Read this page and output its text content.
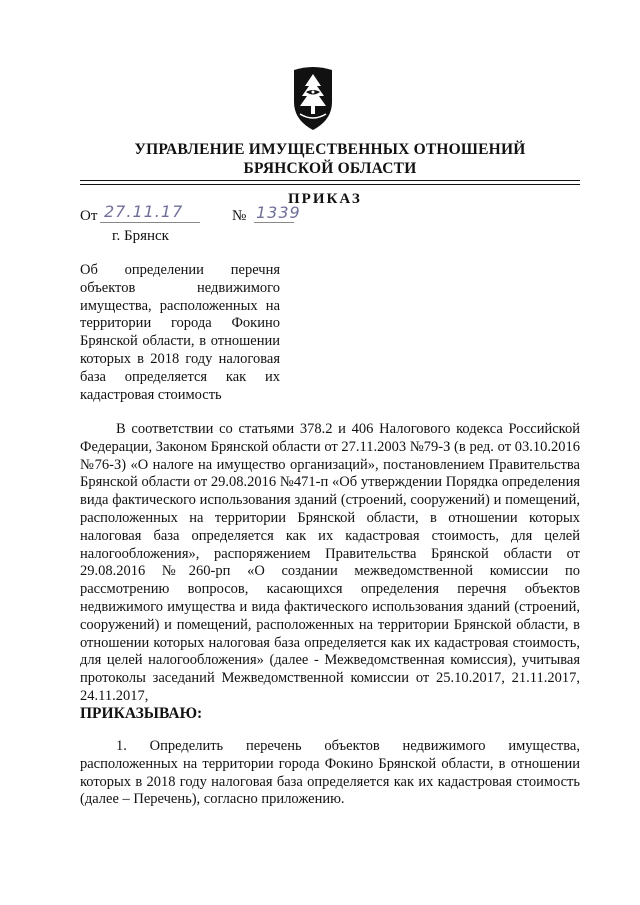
УПРАВЛЕНИЕ ИМУЩЕСТВЕННЫХ ОТНОШЕНИЙ
БРЯНСКОЙ ОБЛАСТИ
ПРИКАЗ
От 27.11.17	№ 1339
г. Брянск
Об определении перечня объектов недвижимого имущества, расположенных на территории города Фокино Брянской области, в отношении которых в 2018 году налоговая база определяется как их кадастровая стоимость
В соответствии со статьями 378.2 и 406 Налогового кодекса Российской Федерации, Законом Брянской области от 27.11.2003 №79-З (в ред. от 03.10.2016 №76-З) «О налоге на имущество организаций», постановлением Правительства Брянской области от 29.08.2016 №471-п «Об утверждении Порядка определения вида фактического использования зданий (строений, сооружений) и помещений, расположенных на территории Брянской области, в отношении которых налоговая база определяется как их кадастровая стоимость, для целей налогообложения», распоряжением Правительства Брянской области от 29.08.2016 №260-рп «О создании межведомственной комиссии по рассмотрению вопросов, касающихся определения перечня объектов недвижимого имущества и вида фактического использования зданий (строений, сооружений) и помещений, расположенных на территории Брянской области, в отношении которых налоговая база определяется как их кадастровая стоимость, для целей налогообложения» (далее - Межведомственная комиссия), учитывая протоколы заседаний Межведомственной комиссии от 25.10.2017, 21.11.2017, 24.11.2017,
ПРИКАЗЫВАЮ:
1. Определить перечень объектов недвижимого имущества, расположенных на территории города Фокино Брянской области, в отношении которых в 2018 году налоговая база определяется как их кадастровая стоимость (далее – Перечень), согласно приложению.
